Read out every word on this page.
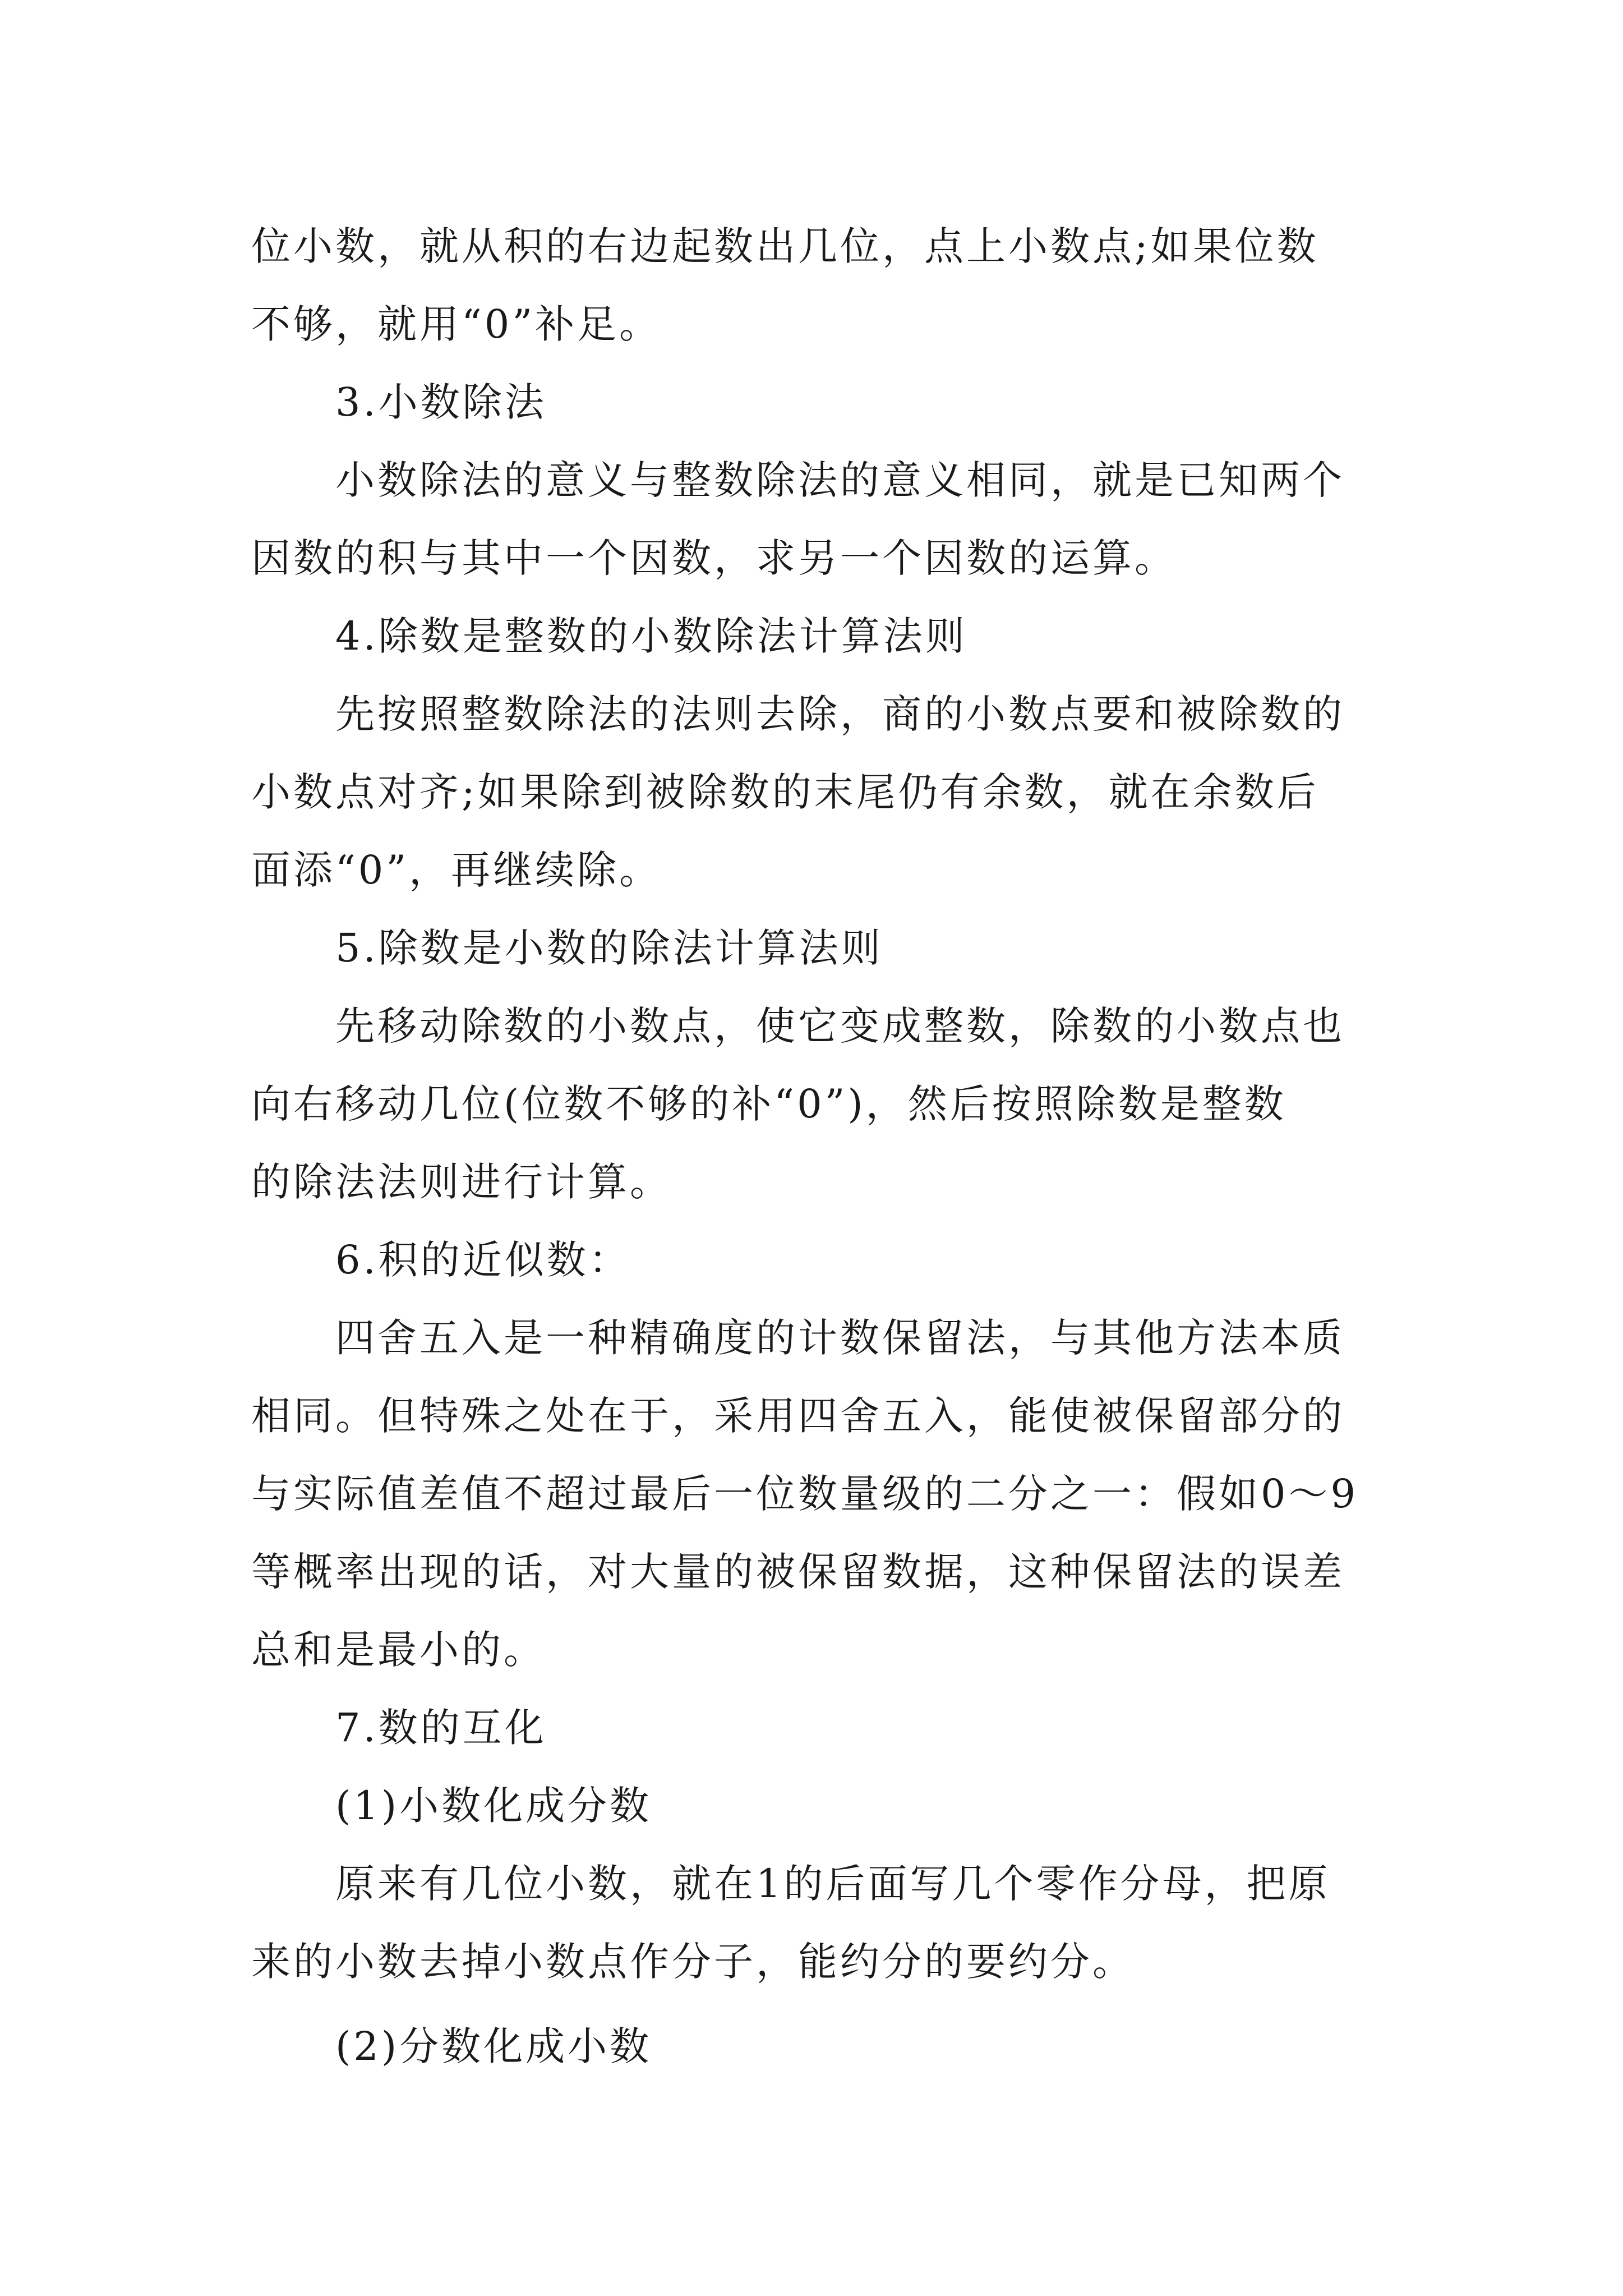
位小数，就从积的右边起数出几位，点上小数点;如果位数
不够，就用“0”补足。
3.小数除法
小数除法的意义与整数除法的意义相同，就是已知两个
因数的积与其中一个因数，求另一个因数的运算。
4.除数是整数的小数除法计算法则
先按照整数除法的法则去除，商的小数点要和被除数的
小数点对齐;如果除到被除数的末尾仍有余数，就在余数后
面添“0”，再继续除。
5.除数是小数的除法计算法则
先移动除数的小数点，使它变成整数，除数的小数点也
向右移动几位(位数不够的补“0”)，然后按照除数是整数
的除法法则进行计算。
6.积的近似数：
四舍五入是一种精确度的计数保留法，与其他方法本质
相同。但特殊之处在于，采用四舍五入，能使被保留部分的
与实际值差值不超过最后一位数量级的二分之一：假如0～9
等概率出现的话，对大量的被保留数据，这种保留法的误差
总和是最小的。
7.数的互化
(1)小数化成分数
原来有几位小数，就在1的后面写几个零作分母，把原
来的小数去掉小数点作分子，能约分的要约分。
(2)分数化成小数
